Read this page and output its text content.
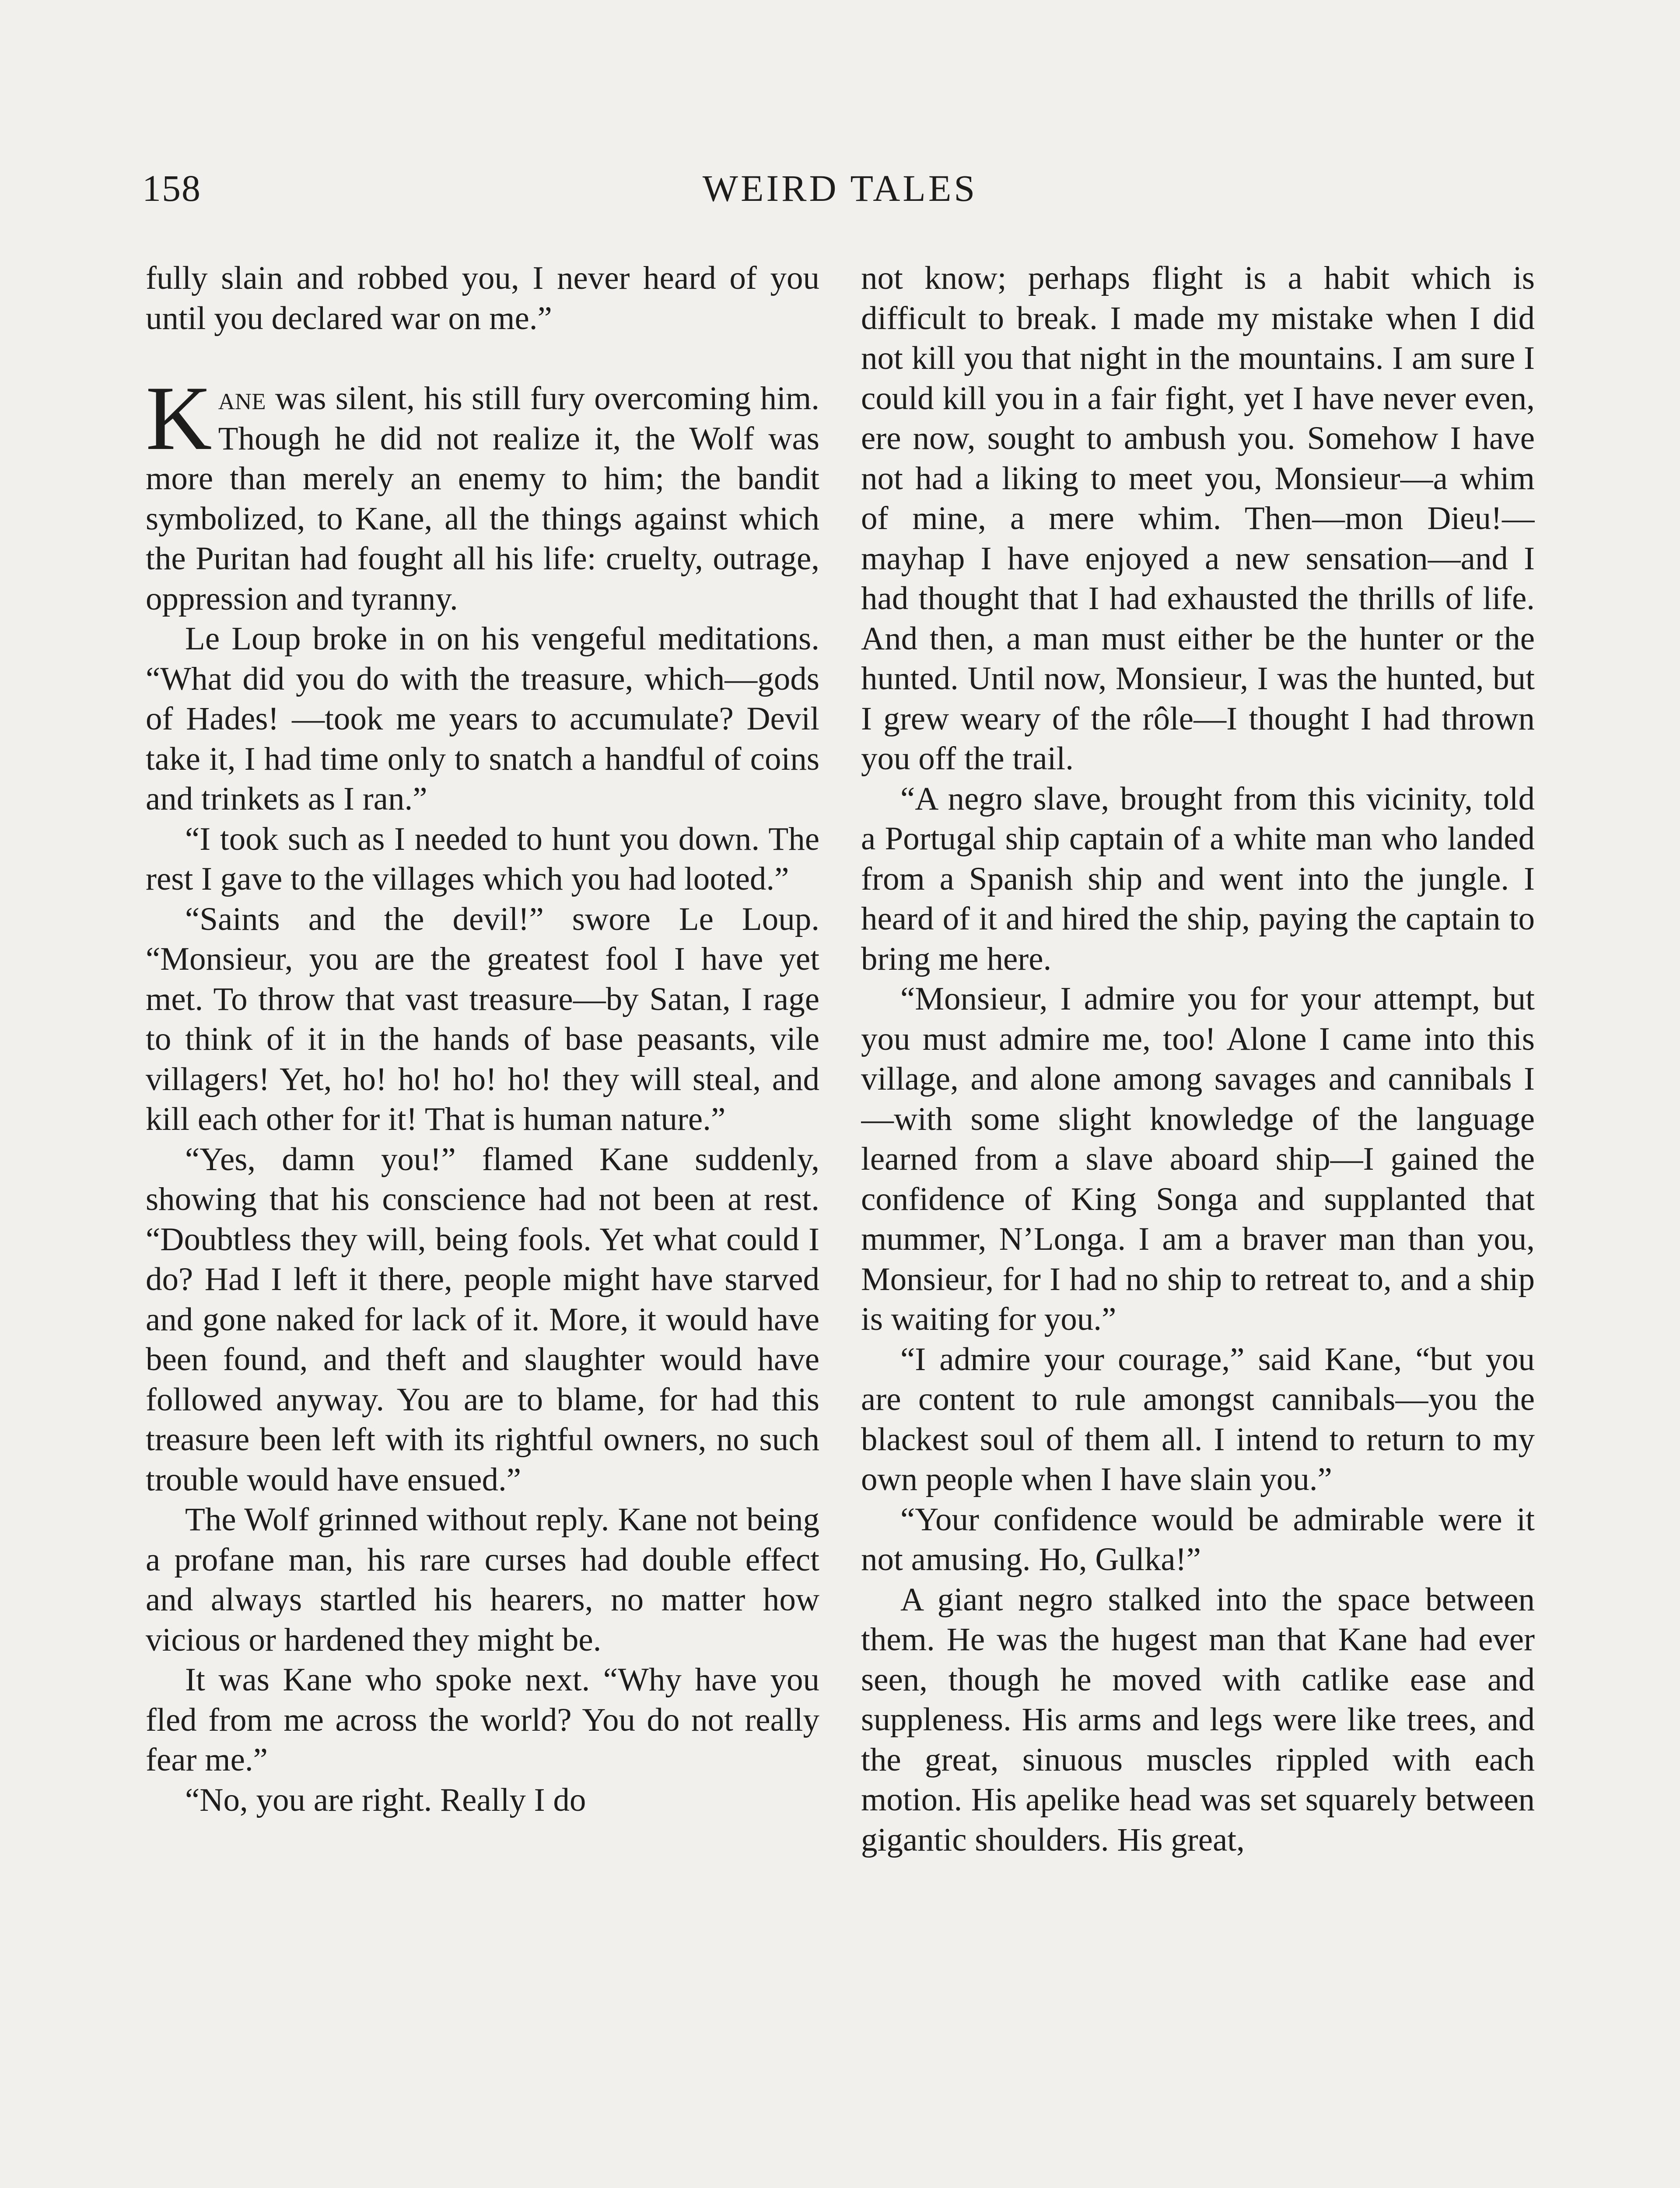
158	WEIRD TALES

fully slain and robbed you, I never heard of you until you declared war on me.”

Kane was silent, his still fury overcoming him. Though he did not realize it, the Wolf was more than merely an enemy to him; the bandit symbolized, to Kane, all the things against which the Puritan had fought all his life: cruelty, outrage, oppression and tyranny.

Le Loup broke in on his vengeful meditations. “What did you do with the treasure, which—gods of Hades! —took me years to accumulate? Devil take it, I had time only to snatch a handful of coins and trinkets as I ran.”

“I took such as I needed to hunt you down. The rest I gave to the villages which you had looted.”

“Saints and the devil!” swore Le Loup. “Monsieur, you are the greatest fool I have yet met. To throw that vast treasure—by Satan, I rage to think of it in the hands of base peasants, vile villagers! Yet, ho! ho! ho! ho! they will steal, and kill each other for it! That is human nature.”

“Yes, damn you!” flamed Kane suddenly, showing that his conscience had not been at rest. “Doubtless they will, being fools. Yet what could I do? Had I left it there, people might have starved and gone naked for lack of it. More, it would have been found, and theft and slaughter would have followed anyway. You are to blame, for had this treasure been left with its rightful owners, no such trouble would have ensued.”

The Wolf grinned without reply. Kane not being a profane man, his rare curses had double effect and always startled his hearers, no matter how vicious or hardened they might be.

It was Kane who spoke next. “Why have you fled from me across the world? You do not really fear me.”

“No, you are right. Really I do

not know; perhaps flight is a habit which is difficult to break. I made my mistake when I did not kill you that night in the mountains. I am sure I could kill you in a fair fight, yet I have never even, ere now, sought to ambush you. Somehow I have not had a liking to meet you, Monsieur—a whim of mine, a mere whim. Then—mon Dieu!—mayhap I have enjoyed a new sensation—and I had thought that I had exhausted the thrills of life. And then, a man must either be the hunter or the hunted. Until now, Monsieur, I was the hunted, but I grew weary of the rôle—I thought I had thrown you off the trail.

“A negro slave, brought from this vicinity, told a Portugal ship captain of a white man who landed from a Spanish ship and went into the jungle. I heard of it and hired the ship, paying the captain to bring me here.

“Monsieur, I admire you for your attempt, but you must admire me, too! Alone I came into this village, and alone among savages and cannibals I—with some slight knowledge of the language learned from a slave aboard ship—I gained the confidence of King Songa and supplanted that mummer, N’Longa. I am a braver man than you, Monsieur, for I had no ship to retreat to, and a ship is waiting for you.”

“I admire your courage,” said Kane, “but you are content to rule amongst cannibals—you the blackest soul of them all. I intend to return to my own people when I have slain you.”

“Your confidence would be admirable were it not amusing. Ho, Gulka!”

A giant negro stalked into the space between them. He was the hugest man that Kane had ever seen, though he moved with catlike ease and suppleness. His arms and legs were like trees, and the great, sinuous muscles rippled with each motion. His apelike head was set squarely between gigantic shoulders. His great,
